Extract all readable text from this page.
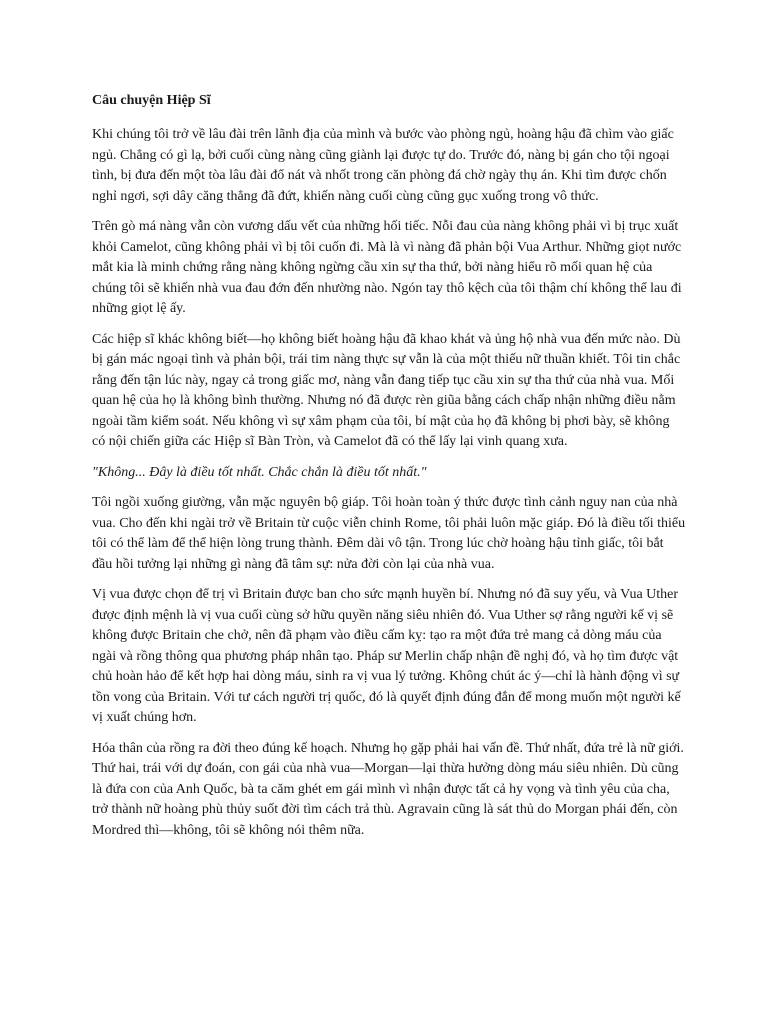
Câu chuyện Hiệp Sĩ

Khi chúng tôi trở về lâu đài trên lãnh địa của mình và bước vào phòng ngủ, hoàng hậu đã chìm vào giấc ngủ. Chẳng có gì lạ, bởi cuối cùng nàng cũng giành lại được tự do. Trước đó, nàng bị gán cho tội ngoại tình, bị đưa đến một tòa lâu đài đổ nát và nhốt trong căn phòng đá chờ ngày thụ án. Khi tìm được chốn nghỉ ngơi, sợi dây căng thẳng đã đứt, khiến nàng cuối cùng cũng gục xuống trong vô thức.

Trên gò má nàng vẫn còn vương dấu vết của những hối tiếc. Nỗi đau của nàng không phải vì bị trục xuất khỏi Camelot, cũng không phải vì bị tôi cuốn đi. Mà là vì nàng đã phản bội Vua Arthur. Những giọt nước mắt kia là minh chứng rằng nàng không ngừng cầu xin sự tha thứ, bởi nàng hiểu rõ mối quan hệ của chúng tôi sẽ khiến nhà vua đau đớn đến nhường nào. Ngón tay thô kệch của tôi thậm chí không thể lau đi những giọt lệ ấy.

Các hiệp sĩ khác không biết—họ không biết hoàng hậu đã khao khát và ủng hộ nhà vua đến mức nào. Dù bị gán mác ngoại tình và phản bội, trái tim nàng thực sự vẫn là của một thiếu nữ thuần khiết. Tôi tin chắc rằng đến tận lúc này, ngay cả trong giấc mơ, nàng vẫn đang tiếp tục cầu xin sự tha thứ của nhà vua. Mối quan hệ của họ là không bình thường. Nhưng nó đã được rèn giũa bằng cách chấp nhận những điều nằm ngoài tầm kiểm soát. Nếu không vì sự xâm phạm của tôi, bí mật của họ đã không bị phơi bày, sẽ không có nội chiến giữa các Hiệp sĩ Bàn Tròn, và Camelot đã có thể lấy lại vinh quang xưa.

"Không... Đây là điều tốt nhất. Chắc chắn là điều tốt nhất."

Tôi ngồi xuống giường, vẫn mặc nguyên bộ giáp. Tôi hoàn toàn ý thức được tình cảnh nguy nan của nhà vua. Cho đến khi ngài trở về Britain từ cuộc viễn chinh Rome, tôi phải luôn mặc giáp. Đó là điều tối thiểu tôi có thể làm để thể hiện lòng trung thành. Đêm dài vô tận. Trong lúc chờ hoàng hậu tỉnh giấc, tôi bắt đầu hồi tưởng lại những gì nàng đã tâm sự: nửa đời còn lại của nhà vua.

Vị vua được chọn để trị vì Britain được ban cho sức mạnh huyền bí. Nhưng nó đã suy yếu, và Vua Uther được định mệnh là vị vua cuối cùng sở hữu quyền năng siêu nhiên đó. Vua Uther sợ rằng người kế vị sẽ không được Britain che chở, nên đã phạm vào điều cấm kỵ: tạo ra một đứa trẻ mang cả dòng máu của ngài và rồng thông qua phương pháp nhân tạo. Pháp sư Merlin chấp nhận đề nghị đó, và họ tìm được vật chủ hoàn hảo để kết hợp hai dòng máu, sinh ra vị vua lý tưởng. Không chút ác ý—chỉ là hành động vì sự tồn vong của Britain. Với tư cách người trị quốc, đó là quyết định đúng đắn để mong muốn một người kế vị xuất chúng hơn.

Hóa thân của rồng ra đời theo đúng kế hoạch. Nhưng họ gặp phải hai vấn đề. Thứ nhất, đứa trẻ là nữ giới. Thứ hai, trái với dự đoán, con gái của nhà vua—Morgan—lại thừa hưởng dòng máu siêu nhiên. Dù cũng là đứa con của Anh Quốc, bà ta căm ghét em gái mình vì nhận được tất cả hy vọng và tình yêu của cha, trở thành nữ hoàng phù thủy suốt đời tìm cách trả thù. Agravain cũng là sát thủ do Morgan phái đến, còn Mordred thì—không, tôi sẽ không nói thêm nữa.
